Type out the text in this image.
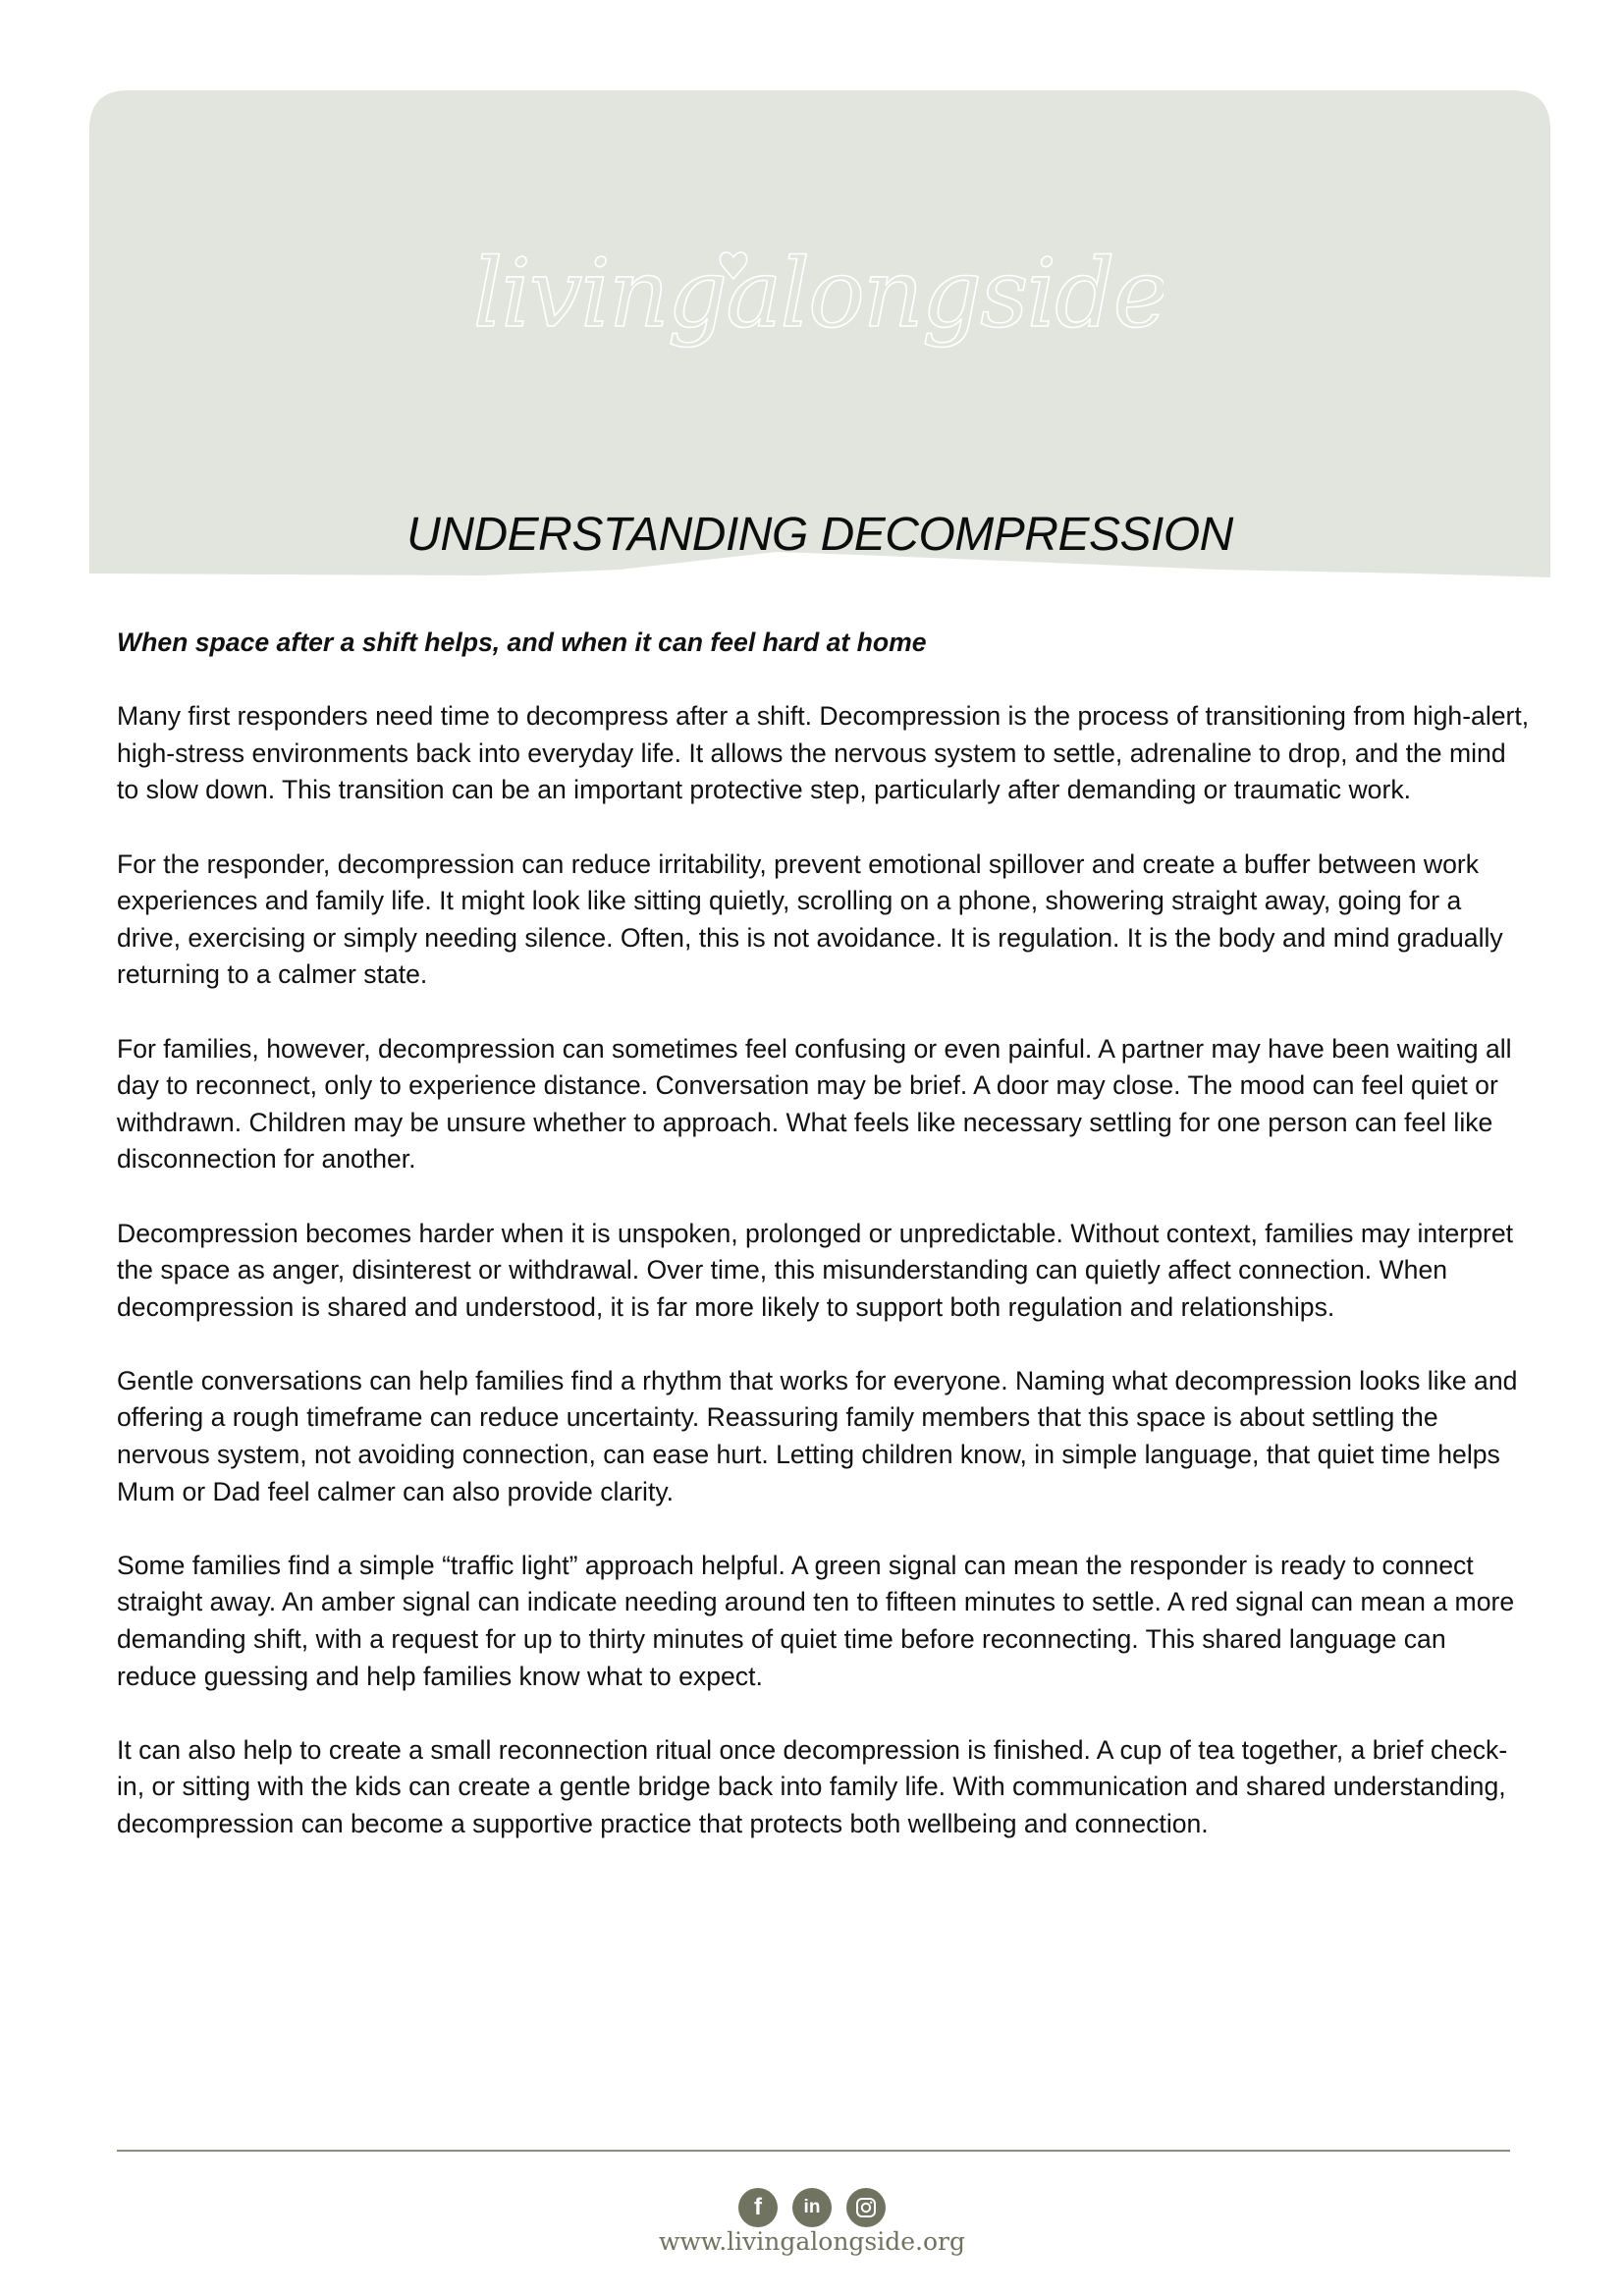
livingalongside
UNDERSTANDING DECOMPRESSION
When space after a shift helps, and when it can feel hard at home

Many first responders need time to decompress after a shift. Decompression is the process of transitioning from high-alert, high-stress environments back into everyday life. It allows the nervous system to settle, adrenaline to drop, and the mind to slow down. This transition can be an important protective step, particularly after demanding or traumatic work.

For the responder, decompression can reduce irritability, prevent emotional spillover and create a buffer between work experiences and family life. It might look like sitting quietly, scrolling on a phone, showering straight away, going for a drive, exercising or simply needing silence. Often, this is not avoidance. It is regulation. It is the body and mind gradually returning to a calmer state.

For families, however, decompression can sometimes feel confusing or even painful. A partner may have been waiting all day to reconnect, only to experience distance. Conversation may be brief. A door may close. The mood can feel quiet or withdrawn. Children may be unsure whether to approach. What feels like necessary settling for one person can feel like disconnection for another.

Decompression becomes harder when it is unspoken, prolonged or unpredictable. Without context, families may interpret the space as anger, disinterest or withdrawal. Over time, this misunderstanding can quietly affect connection. When decompression is shared and understood, it is far more likely to support both regulation and relationships.

Gentle conversations can help families find a rhythm that works for everyone. Naming what decompression looks like and offering a rough timeframe can reduce uncertainty. Reassuring family members that this space is about settling the nervous system, not avoiding connection, can ease hurt. Letting children know, in simple language, that quiet time helps Mum or Dad feel calmer can also provide clarity.

Some families find a simple “traffic light” approach helpful. A green signal can mean the responder is ready to connect straight away. An amber signal can indicate needing around ten to fifteen minutes to settle. A red signal can mean a more demanding shift, with a request for up to thirty minutes of quiet time before reconnecting. This shared language can reduce guessing and help families know what to expect.

It can also help to create a small reconnection ritual once decompression is finished. A cup of tea together, a brief check-in, or sitting with the kids can create a gentle bridge back into family life. With communication and shared understanding, decompression can become a supportive practice that protects both wellbeing and connection.

f in
www.livingalongside.org
